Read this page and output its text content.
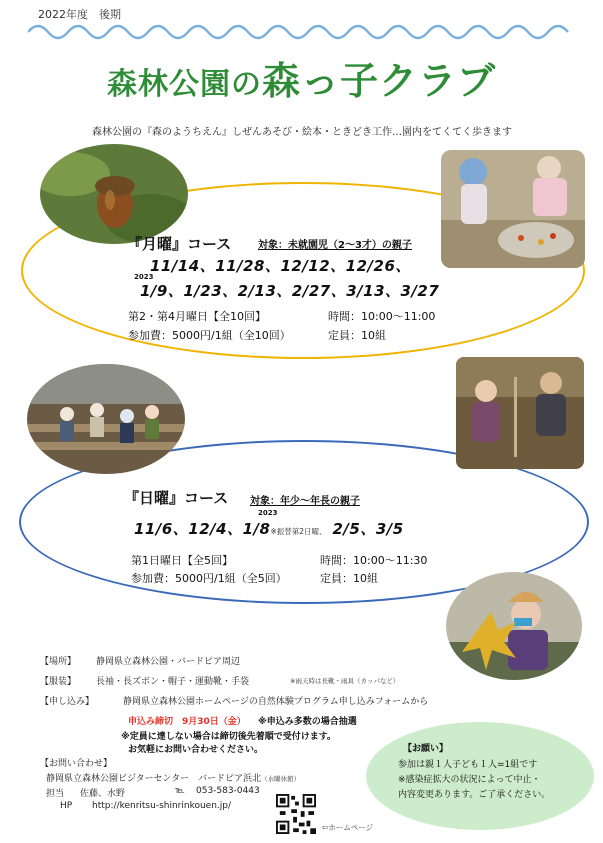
2022年度　後期
森林公園の森っ子クラブ
森林公園の『森のようちえん』しぜんあそび・絵本・ときどき工作…園内をてくてく歩きます
『月曜』コース	対象：未就園児（2～3才）の親子
11/14、11/28、12/12、12/26、
2023
1/9、1/23、2/13、2/27、3/13、3/27
第2・第4月曜日【全10回】	時間：10:00～11:00
参加費：5000円/1組（全10回）	定員：10組
『日曜』コース 対象：年少～年長の親子
2023
11/6、12/4、1/8※振替第2日曜、 2/5、3/5
第1日曜日【全5回】	時間：10:00～11:30
参加費：5000円/1組（全5回）	定員：10組
【場所】 静岡県立森林公園・バードピア周辺
【服装】 長袖・長ズボン・帽子・運動靴・手袋	※雨天時は長靴・雨具（カッパなど）
【申し込み】	静岡県立森林公園ホームページの自然体験プログラム申し込みフォームから
申込み締切　9月30日（金） ※申込み多数の場合抽選
※定員に達しない場合は締切後先着順で受付けます。
お気軽にお問い合わせください。
【お問い合わせ】
静岡県立森林公園ビジターセンター　バードピア浜北（水曜休館）
担当 佐藤、水野	℡ 053-583-0443
HP http://kenritsu-shinrinkouen.jp/
⇦ホームページ
【お願い】
参加は親１人子ども１人=1組です
※感染症拡大の状況によって中止・
内容変更あります。ご了承ください。
